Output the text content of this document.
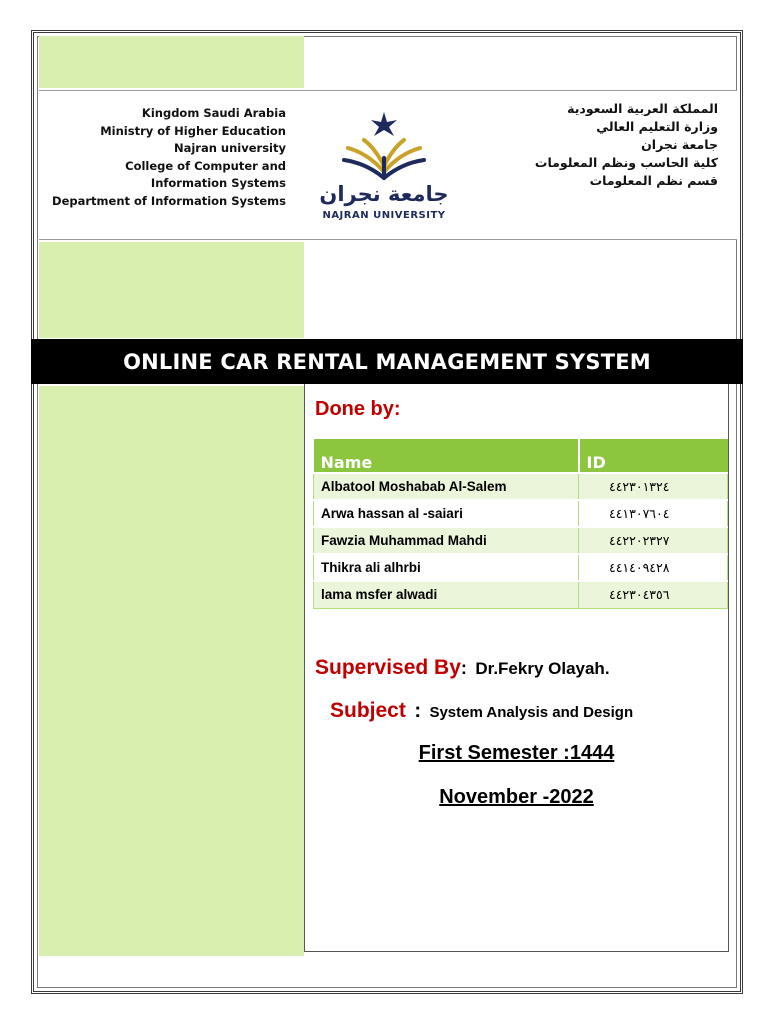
Kingdom Saudi Arabia
Ministry of Higher Education
Najran university
College of Computer and
Information Systems
Department of Information Systems
المملكة العربية السعودية
وزارة التعليم العالي
جامعة نجران
كلية الحاسب ونظم المعلومات
قسم نظم المعلومات
جامعة نجران
NAJRAN UNIVERSITY
ONLINE CAR RENTAL MANAGEMENT SYSTEM
Done by:
Name	ID
Albatool Moshabab Al-Salem	٤٤٢٣٠١٣٢٤
Arwa hassan al -saiari	٤٤١٣٠٧٦٠٤
Fawzia Muhammad Mahdi	٤٤٢٢٠٢٣٢٧
Thikra ali alhrbi	٤٤١٤٠٩٤٢٨
lama msfer alwadi	٤٤٢٣٠٤٣٥٦
Supervised By: Dr.Fekry Olayah.
Subject : System Analysis and Design
First Semester :1444
November -2022
